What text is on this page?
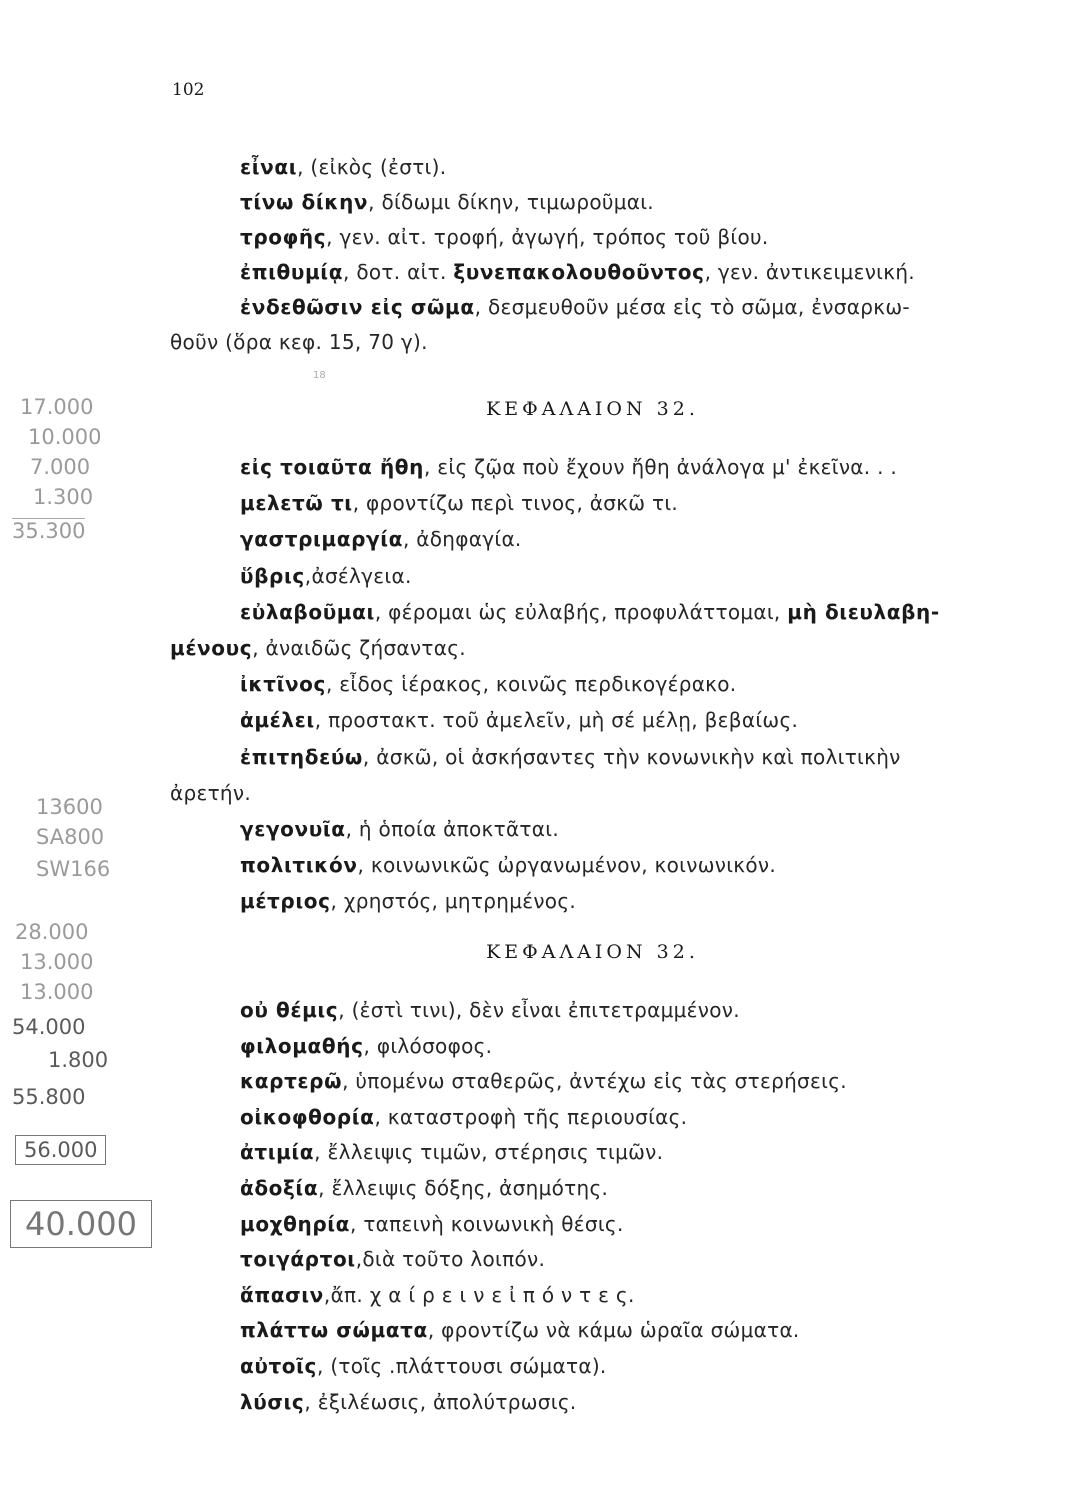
102
εἶναι, (εἰκὸς (ἐστι).
τίνω δίκην, δίδωμι δίκην, τιμωροῦμαι.
τροφῆς, γεν. αἰτ. τροφή, ἀγωγή, τρόπος τοῦ βίου.
ἐπιθυμίᾳ, δοτ. αἰτ. ξυνεπακολουθοῦντος, γεν. ἀντικειμενική.
ἐνδεθῶσιν εἰς σῶμα, δεσμευθοῦν μέσα εἰς τὸ σῶμα, ἐνσαρκω-
θοῦν (ὅρα κεφ. 15, 70 γ).
ΚΕΦΑΛΑΙΟΝ 32.
εἰς τοιαῦτα ἤθη, εἰς ζῷα ποὺ ἔχουν ἤθη ἀνάλογα μ' ἐκεῖνα. . .
μελετῶ τι, φροντίζω περὶ τινος, ἀσκῶ τι.
γαστριμαργία, ἀδηφαγία.
ὕβρις,ἀσέλγεια.
εὐλαβοῦμαι, φέρομαι ὡς εὐλαβής, προφυλάττομαι, μὴ διευλαβη-
μένους, ἀναιδῶς ζήσαντας.
ἰκτῖνος, εἶδος ἱέρακος, κοινῶς περδικογέρακο.
ἀμέλει, προστακτ. τοῦ ἀμελεῖν, μὴ σέ μέλῃ, βεβαίως.
ἐπιτηδεύω, ἀσκῶ, οἱ ἀσκήσαντες τὴν κονωνικὴν καὶ πολιτικὴν
ἀρετήν.
γεγονυῖα, ἡ ὁποία ἀποκτᾶται.
πολιτικόν, κοινωνικῶς ὠργανωμένον, κοινωνικόν.
μέτριος, χρηστός, μητρημένος.
ΚΕΦΑΛΑΙΟΝ 32.
οὐ θέμις, (ἐστὶ τινι), δὲν εἶναι ἐπιτετραμμένον.
φιλομαθής, φιλόσοφος.
καρτερῶ, ὑπομένω σταθερῶς, ἀντέχω εἰς τὰς στερήσεις.
οἰκοφθορία, καταστροφὴ τῆς περιουσίας.
ἀτιμία, ἔλλειψις τιμῶν, στέρησις τιμῶν.
ἀδοξία, ἔλλειψις δόξης, ἀσημότης.
μοχθηρία, ταπεινὴ κοινωνικὴ θέσις.
τοιγάρτοι,διὰ τοῦτο λοιπόν.
ἅπασιν,ἄπ. χ α ί ρ ε ι ν ε ἰ π ό ν τ ε ς.
πλάττω σώματα, φροντίζω νὰ κάμω ὡραῖα σώματα.
αὐτοῖς, (τοῖς .πλάττουσι σώματα).
λύσις, ἐξιλέωσις, ἀπολύτρωσις.
18
17.000
10.000
7.000
1.300
35.300
13600
SA800
SW166
28.000
13.000
13.000
54.000
1.800
55.800
56.000
40.000
